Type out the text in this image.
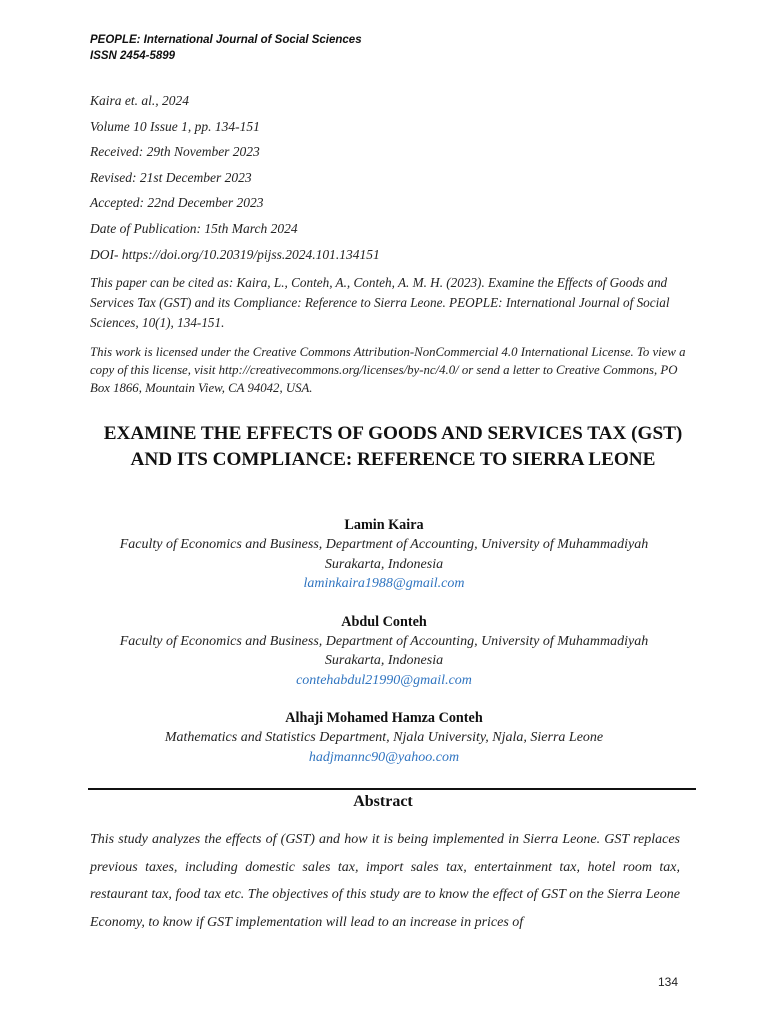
PEOPLE: International Journal of Social Sciences
ISSN 2454-5899
Kaira et. al., 2024
Volume 10 Issue 1, pp. 134-151
Received: 29th November 2023
Revised: 21st December 2023
Accepted: 22nd December 2023
Date of Publication: 15th March 2024
DOI- https://doi.org/10.20319/pijss.2024.101.134151
This paper can be cited as: Kaira, L., Conteh, A., Conteh, A. M. H. (2023). Examine the Effects of Goods and Services Tax (GST) and its Compliance: Reference to Sierra Leone. PEOPLE: International Journal of Social Sciences, 10(1), 134-151.
This work is licensed under the Creative Commons Attribution-NonCommercial 4.0 International License. To view a copy of this license, visit http://creativecommons.org/licenses/by-nc/4.0/ or send a letter to Creative Commons, PO Box 1866, Mountain View, CA 94042, USA.
EXAMINE THE EFFECTS OF GOODS AND SERVICES TAX (GST) AND ITS COMPLIANCE: REFERENCE TO SIERRA LEONE
Lamin Kaira
Faculty of Economics and Business, Department of Accounting, University of Muhammadiyah Surakarta, Indonesia
laminkaira1988@gmail.com
Abdul Conteh
Faculty of Economics and Business, Department of Accounting, University of Muhammadiyah Surakarta, Indonesia
contehabdul21990@gmail.com
Alhaji Mohamed Hamza Conteh
Mathematics and Statistics Department, Njala University, Njala, Sierra Leone
hadjmannc90@yahoo.com
Abstract
This study analyzes the effects of (GST) and how it is being implemented in Sierra Leone. GST replaces previous taxes, including domestic sales tax, import sales tax, entertainment tax, hotel room tax, restaurant tax, food tax etc. The objectives of this study are to know the effect of GST on the Sierra Leone Economy, to know if GST implementation will lead to an increase in prices of
134
